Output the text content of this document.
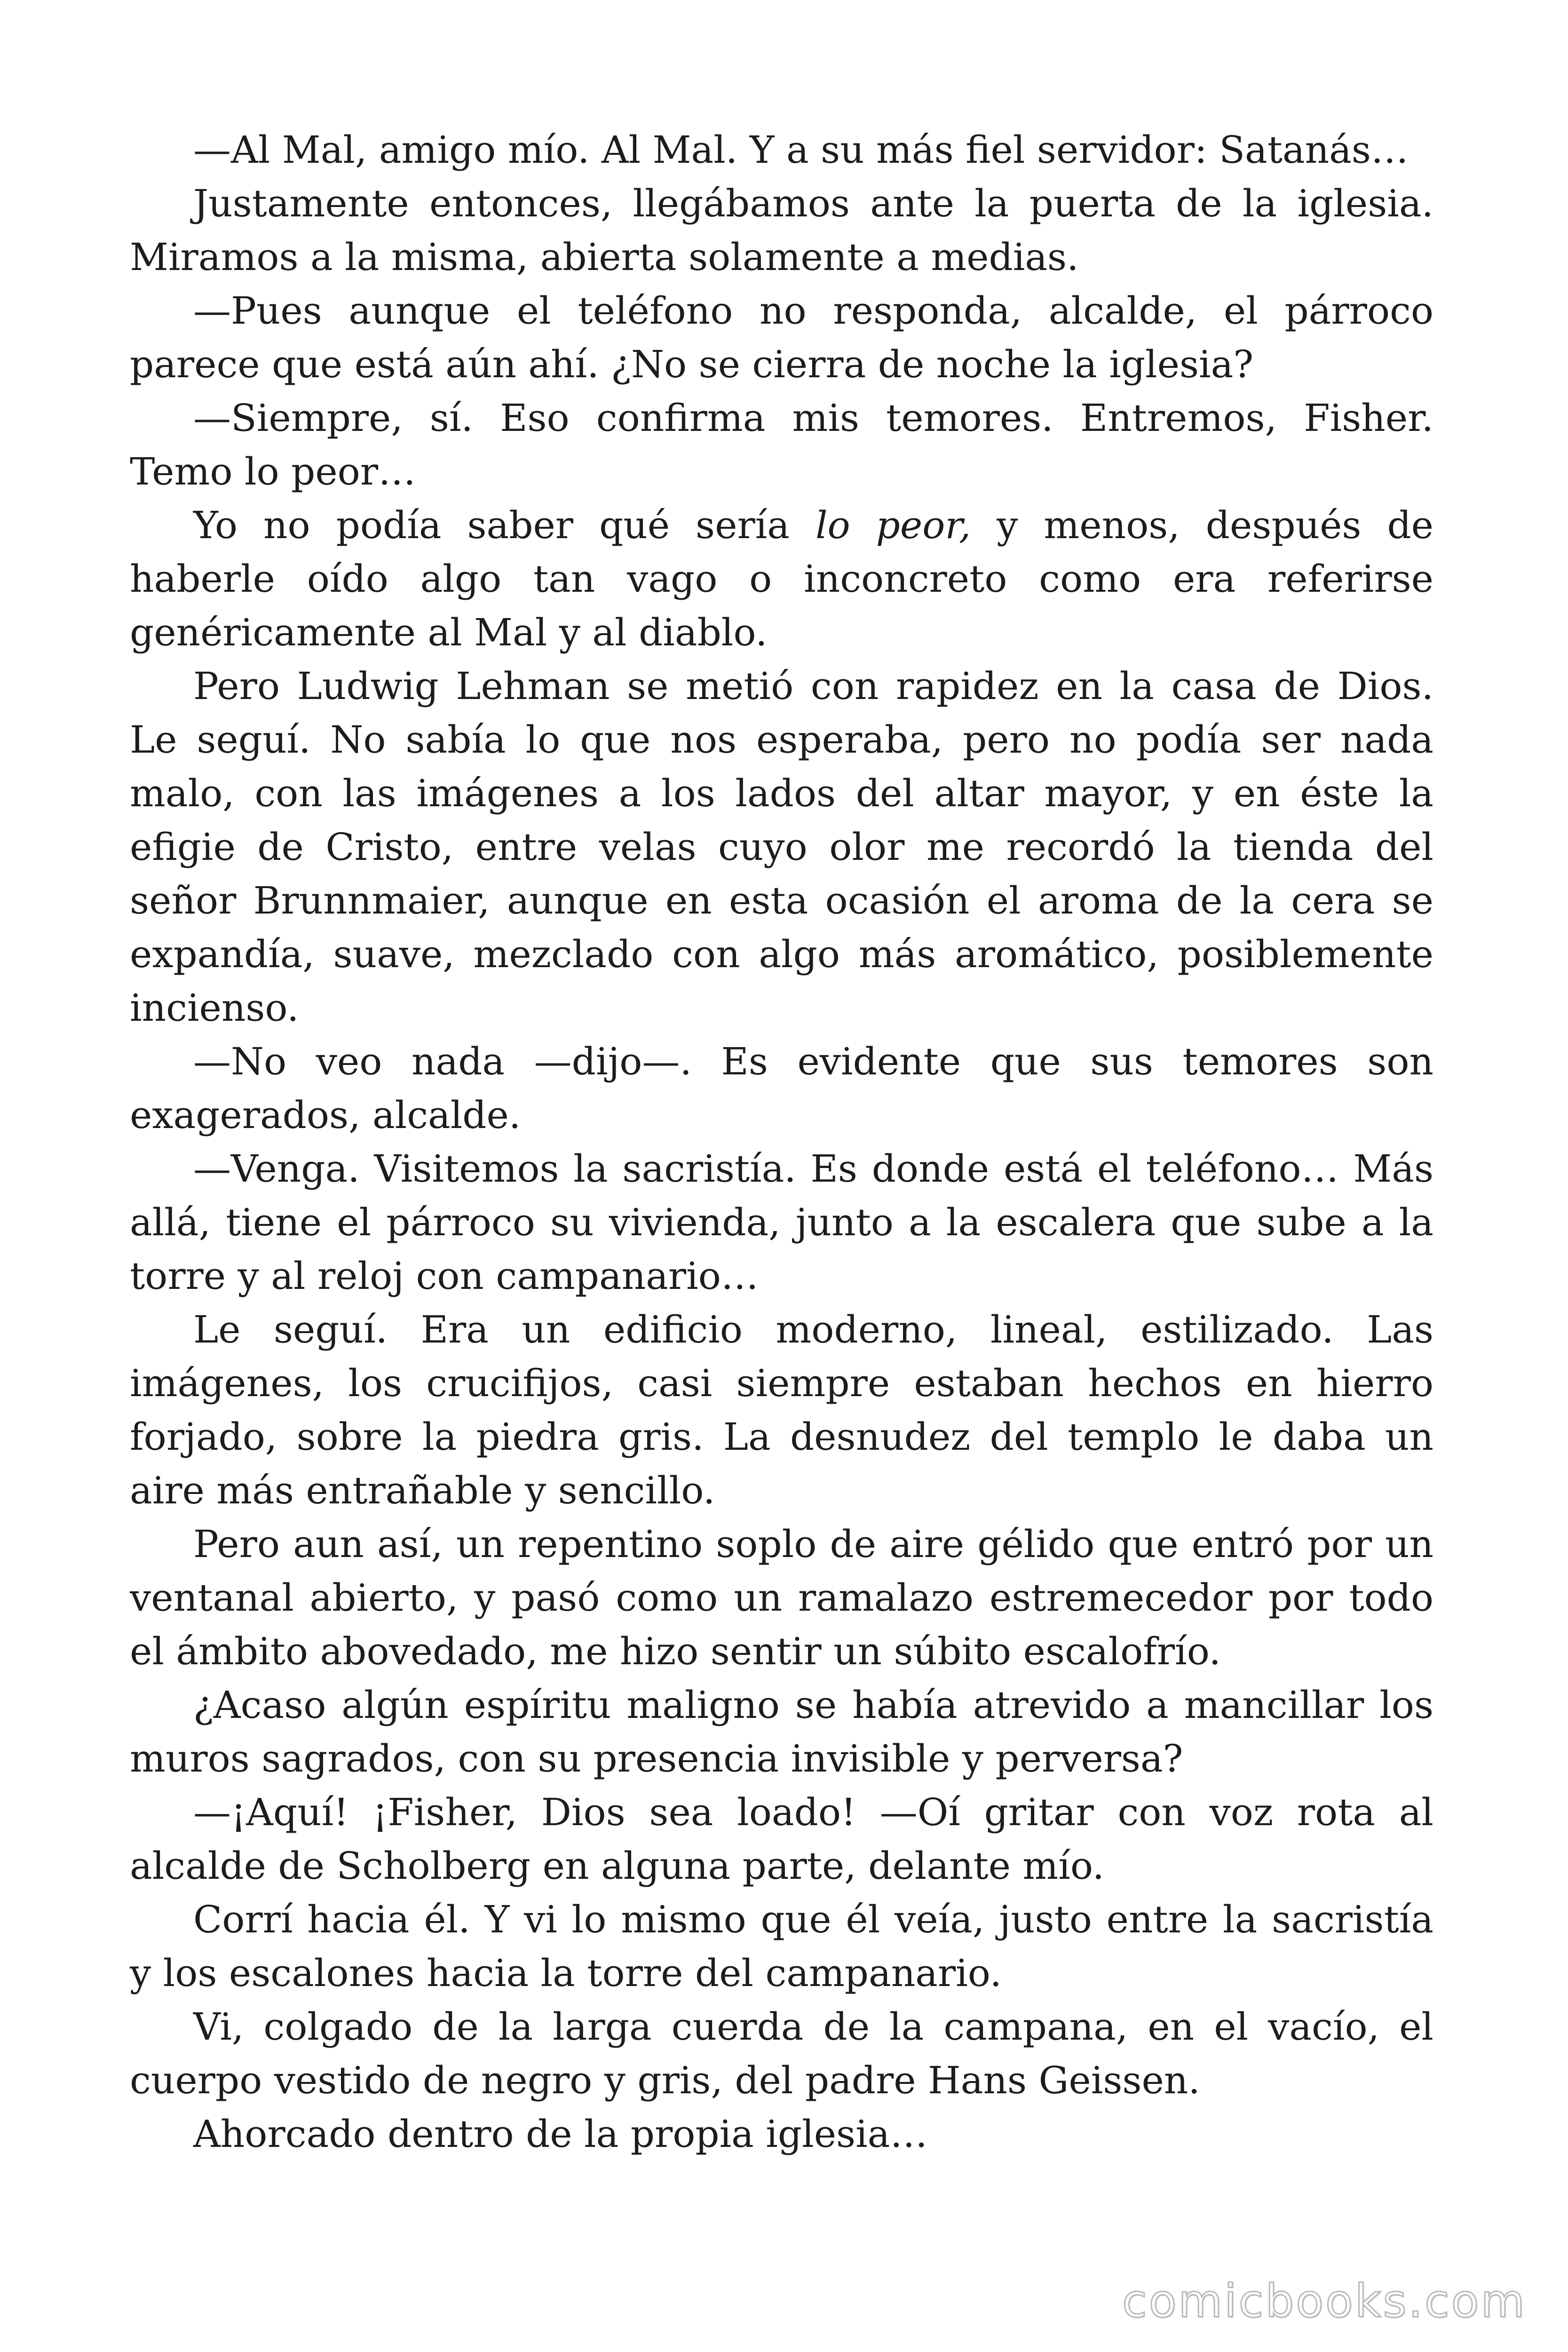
—Al Mal, amigo mío. Al Mal. Y a su más fiel servidor: Satanás…

Justamente entonces, llegábamos ante la puerta de la iglesia. Miramos a la misma, abierta solamente a medias.

—Pues aunque el teléfono no responda, alcalde, el párroco parece que está aún ahí. ¿No se cierra de noche la iglesia?

—Siempre, sí. Eso confirma mis temores. Entremos, Fisher. Temo lo peor…

Yo no podía saber qué sería lo peor, y menos, después de haberle oído algo tan vago o inconcreto como era referirse genéricamente al Mal y al diablo.

Pero Ludwig Lehman se metió con rapidez en la casa de Dios. Le seguí. No sabía lo que nos esperaba, pero no podía ser nada malo, con las imágenes a los lados del altar mayor, y en éste la efigie de Cristo, entre velas cuyo olor me recordó la tienda del señor Brunnmaier, aunque en esta ocasión el aroma de la cera se expandía, suave, mezclado con algo más aromático, posiblemente incienso.

—No veo nada —dijo—. Es evidente que sus temores son exagerados, alcalde.

—Venga. Visitemos la sacristía. Es donde está el teléfono… Más allá, tiene el párroco su vivienda, junto a la escalera que sube a la torre y al reloj con campanario…

Le seguí. Era un edificio moderno, lineal, estilizado. Las imágenes, los crucifijos, casi siempre estaban hechos en hierro forjado, sobre la piedra gris. La desnudez del templo le daba un aire más entrañable y sencillo.

Pero aun así, un repentino soplo de aire gélido que entró por un ventanal abierto, y pasó como un ramalazo estremecedor por todo el ámbito abovedado, me hizo sentir un súbito escalofrío.

¿Acaso algún espíritu maligno se había atrevido a mancillar los muros sagrados, con su presencia invisible y perversa?

—¡Aquí! ¡Fisher, Dios sea loado! —Oí gritar con voz rota al alcalde de Scholberg en alguna parte, delante mío.

Corrí hacia él. Y vi lo mismo que él veía, justo entre la sacristía y los escalones hacia la torre del campanario.

Vi, colgado de la larga cuerda de la campana, en el vacío, el cuerpo vestido de negro y gris, del padre Hans Geissen.

Ahorcado dentro de la propia iglesia…

comicbooks.com
